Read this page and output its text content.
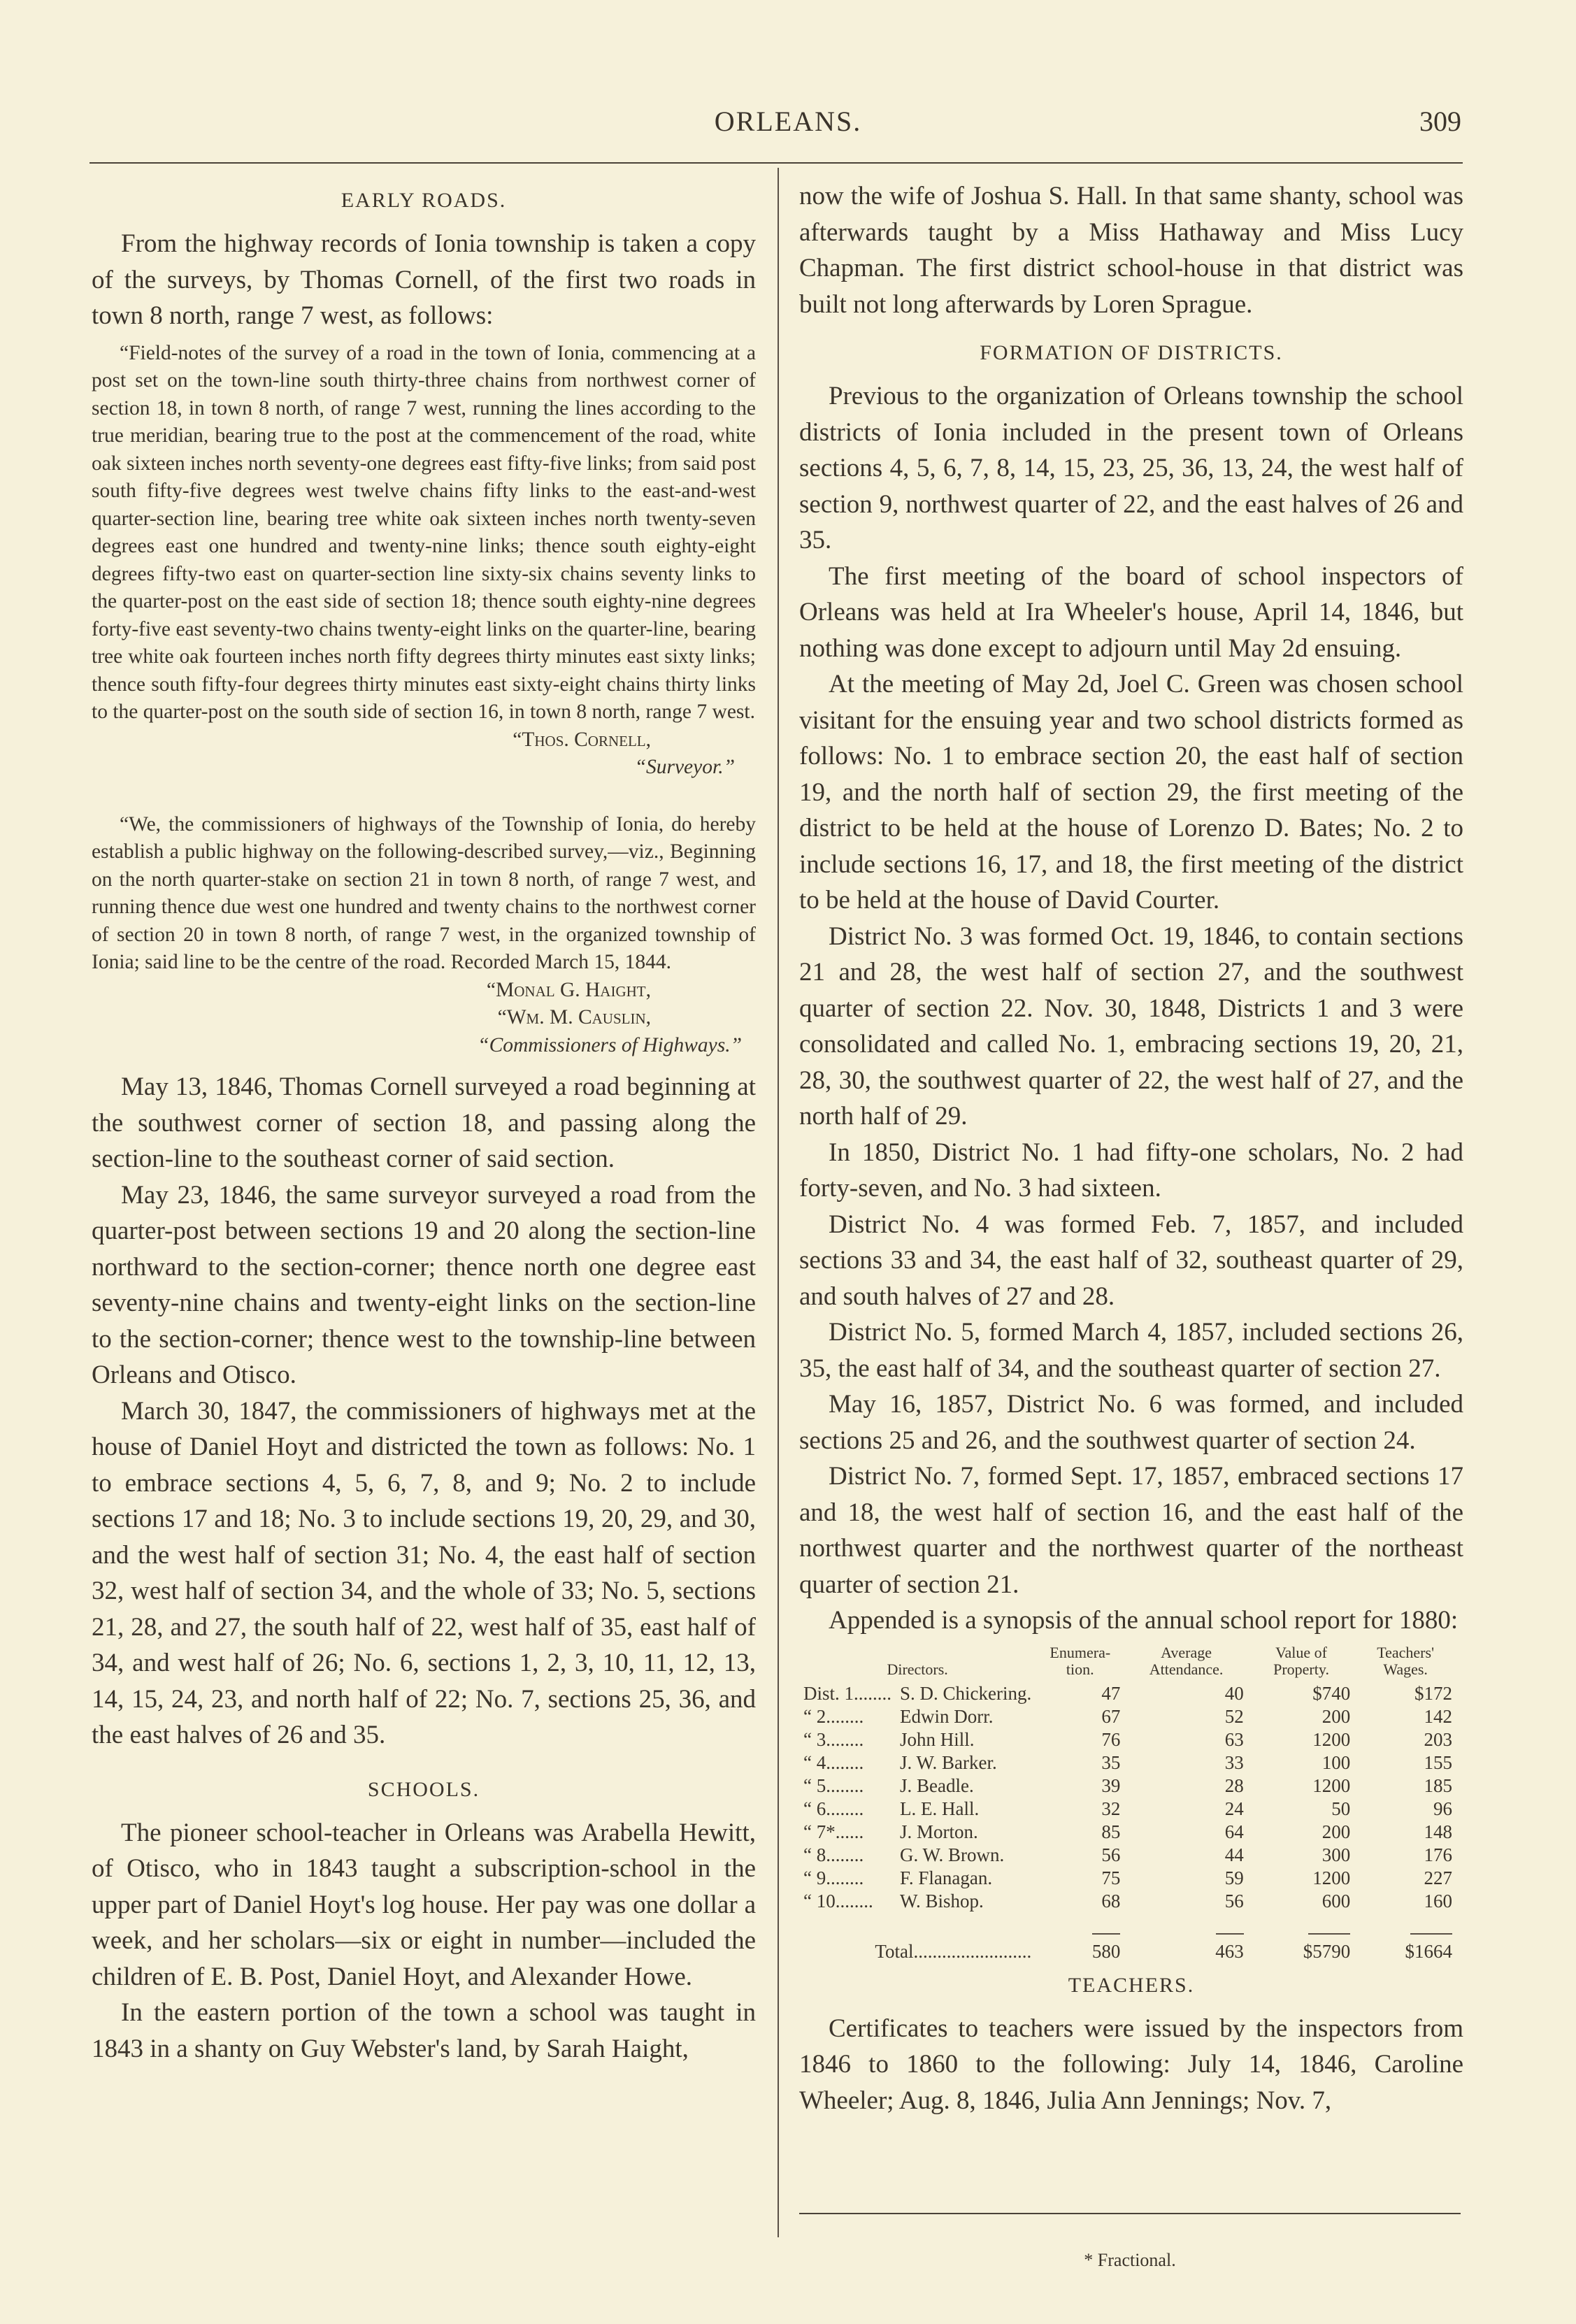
ORLEANS.	309
EARLY ROADS.

From the highway records of Ionia township is taken a copy of the surveys, by Thomas Cornell, of the first two roads in town 8 north, range 7 west, as follows:

“Field-notes of the survey of a road in the town of Ionia, commencing at a post set on the town-line south thirty-three chains from northwest corner of section 18, in town 8 north, of range 7 west, running the lines according to the true meridian, bearing true to the post at the commencement of the road, white oak sixteen inches north seventy-one degrees east fifty-five links; from said post south fifty-five degrees west twelve chains fifty links to the east-and-west quarter-section line, bearing tree white oak sixteen inches north twenty-seven degrees east one hundred and twenty-nine links; thence south eighty-eight degrees fifty-two east on quarter-section line sixty-six chains seventy links to the quarter-post on the east side of section 18; thence south eighty-nine degrees forty-five east seventy-two chains twenty-eight links on the quarter-line, bearing tree white oak fourteen inches north fifty degrees thirty minutes east sixty links; thence south fifty-four degrees thirty minutes east sixty-eight chains thirty links to the quarter-post on the south side of section 16, in town 8 north, range 7 west.

“Thos. Cornell,
“Surveyor.”

“We, the commissioners of highways of the Township of Ionia, do hereby establish a public highway on the following-described survey,—viz., Beginning on the north quarter-stake on section 21 in town 8 north, of range 7 west, and running thence due west one hundred and twenty chains to the northwest corner of section 20 in town 8 north, of range 7 west, in the organized township of Ionia; said line to be the centre of the road. Recorded March 15, 1844.

“Monal G. Haight,
“Wm. M. Causlin,
“Commissioners of Highways.”

May 13, 1846, Thomas Cornell surveyed a road beginning at the southwest corner of section 18, and passing along the section-line to the southeast corner of said section.

May 23, 1846, the same surveyor surveyed a road from the quarter-post between sections 19 and 20 along the section-line northward to the section-corner; thence north one degree east seventy-nine chains and twenty-eight links on the section-line to the section-corner; thence west to the township-line between Orleans and Otisco.

March 30, 1847, the commissioners of highways met at the house of Daniel Hoyt and districted the town as follows: No. 1 to embrace sections 4, 5, 6, 7, 8, and 9; No. 2 to include sections 17 and 18; No. 3 to include sections 19, 20, 29, and 30, and the west half of section 31; No. 4, the east half of section 32, west half of section 34, and the whole of 33; No. 5, sections 21, 28, and 27, the south half of 22, west half of 35, east half of 34, and west half of 26; No. 6, sections 1, 2, 3, 10, 11, 12, 13, 14, 15, 24, 23, and north half of 22; No. 7, sections 25, 36, and the east halves of 26 and 35.

SCHOOLS.

The pioneer school-teacher in Orleans was Arabella Hewitt, of Otisco, who in 1843 taught a subscription-school in the upper part of Daniel Hoyt's log house. Her pay was one dollar a week, and her scholars—six or eight in number—included the children of E. B. Post, Daniel Hoyt, and Alexander Howe.

In the eastern portion of the town a school was taught in 1843 in a shanty on Guy Webster's land, by Sarah Haight,

now the wife of Joshua S. Hall. In that same shanty, school was afterwards taught by a Miss Hathaway and Miss Lucy Chapman. The first district school-house in that district was built not long afterwards by Loren Sprague.

FORMATION OF DISTRICTS.

Previous to the organization of Orleans township the school districts of Ionia included in the present town of Orleans sections 4, 5, 6, 7, 8, 14, 15, 23, 25, 36, 13, 24, the west half of section 9, northwest quarter of 22, and the east halves of 26 and 35.

The first meeting of the board of school inspectors of Orleans was held at Ira Wheeler's house, April 14, 1846, but nothing was done except to adjourn until May 2d ensuing.

At the meeting of May 2d, Joel C. Green was chosen school visitant for the ensuing year and two school districts formed as follows: No. 1 to embrace section 20, the east half of section 19, and the north half of section 29, the first meeting of the district to be held at the house of Lorenzo D. Bates; No. 2 to include sections 16, 17, and 18, the first meeting of the district to be held at the house of David Courter.

District No. 3 was formed Oct. 19, 1846, to contain sections 21 and 28, the west half of section 27, and the southwest quarter of section 22. Nov. 30, 1848, Districts 1 and 3 were consolidated and called No. 1, embracing sections 19, 20, 21, 28, 30, the southwest quarter of 22, the west half of 27, and the north half of 29.

In 1850, District No. 1 had fifty-one scholars, No. 2 had forty-seven, and No. 3 had sixteen.

District No. 4 was formed Feb. 7, 1857, and included sections 33 and 34, the east half of 32, southeast quarter of 29, and south halves of 27 and 28.

District No. 5, formed March 4, 1857, included sections 26, 35, the east half of 34, and the southeast quarter of section 27.

May 16, 1857, District No. 6 was formed, and included sections 25 and 26, and the southwest quarter of section 24.

District No. 7, formed Sept. 17, 1857, embraced sections 17 and 18, the west half of section 16, and the east half of the northwest quarter and the northwest quarter of the northeast quarter of section 21.

Appended is a synopsis of the annual school report for 1880:

Directors.		Enumera-tion.	Average Attendance.	Value of Property.	Teachers' Wages.
Dist. 1........	S. D. Chickering.	47	40	$740	$172
“ 2........	Edwin Dorr.	67	52	200	142
“ 3........	John Hill.	76	63	1200	203
“ 4........	J. W. Barker.	35	33	100	155
“ 5........	J. Beadle.	39	28	1200	185
“ 6........	L. E. Hall.	32	24	50	96
“ 7*......	J. Morton.	85	64	200	148
“ 8........	G. W. Brown.	56	44	300	176
“ 9........	F. Flanagan.	75	59	1200	227
“ 10........	W. Bishop.	68	56	600	160

Total.........................		580	463	$5790	$1664
TEACHERS.

Certificates to teachers were issued by the inspectors from 1846 to 1860 to the following: July 14, 1846, Caroline Wheeler; Aug. 8, 1846, Julia Ann Jennings; Nov. 7,

* Fractional.
